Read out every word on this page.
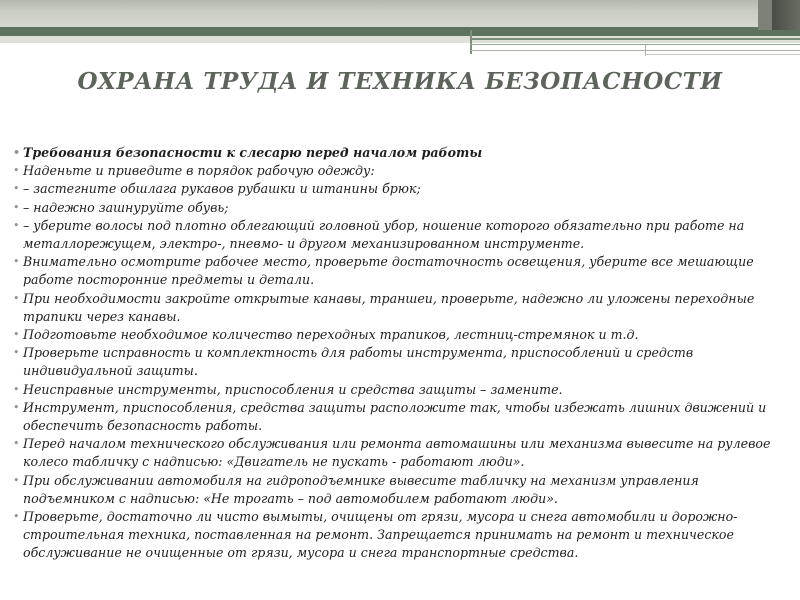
ОХРАНА ТРУДА И ТЕХНИКА БЕЗОПАСНОСТИ
• Требования безопасности к слесарю перед началом работы
• Наденьте и приведите в порядок рабочую одежду:
• – застегните обшлага рукавов рубашки и штанины брюк;
• – надежно зашнуруйте обувь;
• – уберите волосы под плотно облегающий головной убор, ношение которого обязательно при работе на металлорежущем, электро-, пневмо- и другом механизированном инструменте.
• Внимательно осмотрите рабочее место, проверьте достаточность освещения, уберите все мешающие работе посторонние предметы и детали.
• При необходимости закройте открытые канавы, траншеи, проверьте, надежно ли уложены переходные трапики через канавы.
• Подготовьте необходимое количество переходных трапиков, лестниц-стремянок и т.д.
• Проверьте исправность и комплектность для работы инструмента, приспособлений и средств индивидуальной защиты.
• Неисправные инструменты, приспособления и средства защиты – замените.
• Инструмент, приспособления, средства защиты расположите так, чтобы избежать лишних движений и обеспечить безопасность работы.
• Перед началом технического обслуживания или ремонта автомашины или механизма вывесите на рулевое колесо табличку с надписью: «Двигатель не пускать - работают люди».
• При обслуживании автомобиля на гидроподъемнике вывесите табличку на механизм управления подъемником с надписью: «Не трогать – под автомобилем работают люди».
• Проверьте, достаточно ли чисто вымыты, очищены от грязи, мусора и снега автомобили и дорожно-строительная техника, поставленная на ремонт. Запрещается принимать на ремонт и техническое обслуживание не очищенные от грязи, мусора и снега транспортные средства.
